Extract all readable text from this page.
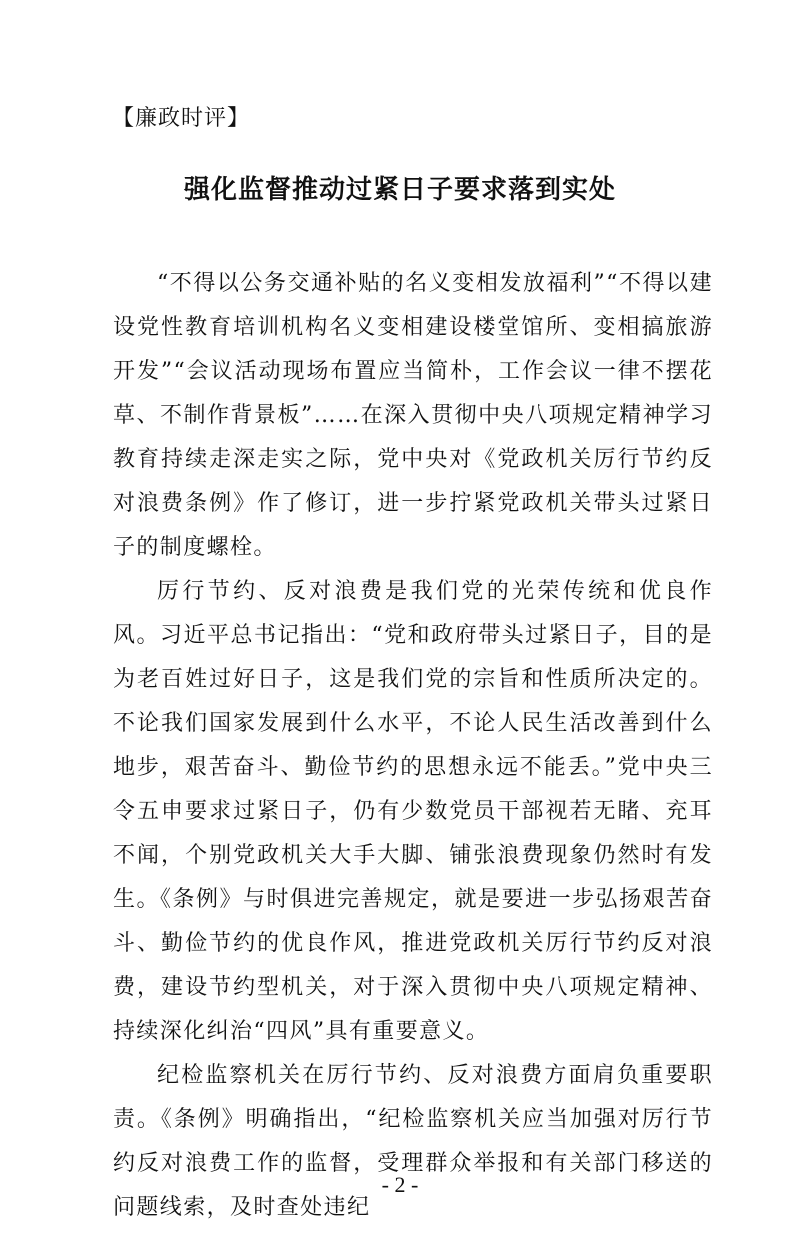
【廉政时评】
强化监督推动过紧日子要求落到实处

“不得以公务交通补贴的名义变相发放福利”“不得以建设党性教育培训机构名义变相建设楼堂馆所、变相搞旅游开发”“会议活动现场布置应当简朴，工作会议一律不摆花草、不制作背景板”……在深入贯彻中央八项规定精神学习教育持续走深走实之际，党中央对《党政机关厉行节约反对浪费条例》作了修订，进一步拧紧党政机关带头过紧日子的制度螺栓。

厉行节约、反对浪费是我们党的光荣传统和优良作风。习近平总书记指出：“党和政府带头过紧日子，目的是为老百姓过好日子，这是我们党的宗旨和性质所决定的。不论我们国家发展到什么水平，不论人民生活改善到什么地步，艰苦奋斗、勤俭节约的思想永远不能丢。”党中央三令五申要求过紧日子，仍有少数党员干部视若无睹、充耳不闻，个别党政机关大手大脚、铺张浪费现象仍然时有发生。《条例》与时俱进完善规定，就是要进一步弘扬艰苦奋斗、勤俭节约的优良作风，推进党政机关厉行节约反对浪费，建设节约型机关，对于深入贯彻中央八项规定精神、持续深化纠治“四风”具有重要意义。

纪检监察机关在厉行节约、反对浪费方面肩负重要职责。《条例》明确指出，“纪检监察机关应当加强对厉行节约反对浪费工作的监督，受理群众举报和有关部门移送的问题线索，及时查处违纪

- 2 -
